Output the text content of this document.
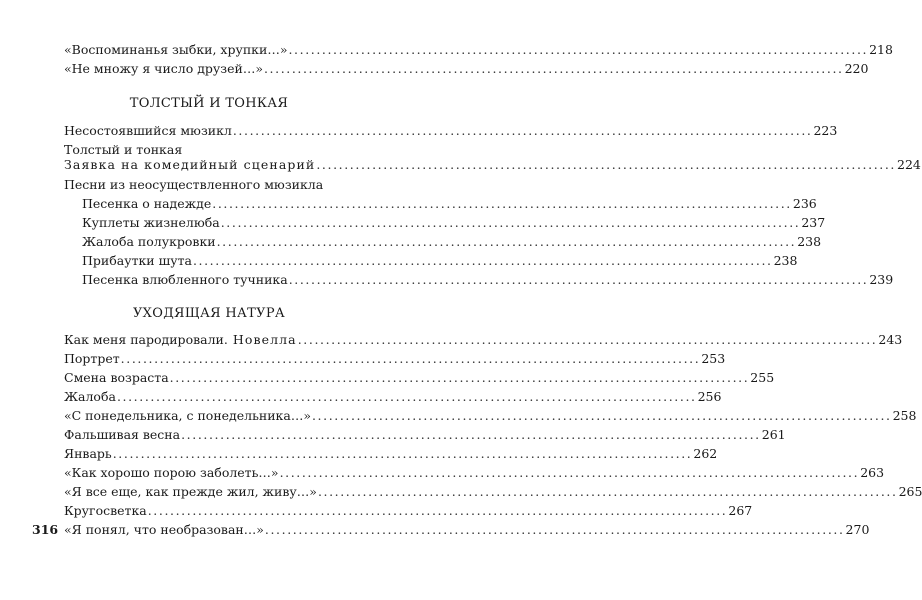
«Воспоминанья зыбки, хрупки…» ........................................................................................................ 218
«Не множу я число друзей…» ........................................................................................................ 220
ТОЛСТЫЙ И ТОНКАЯ
Несостоявшийся мюзикл ........................................................................................................ 223
Толстый и тонкая
Заявка на комедийный сценарий ........................................................................................................ 224
Песни из неосуществленного мюзикла
Песенка о надежде ........................................................................................................ 236
Куплеты жизнелюба ........................................................................................................ 237
Жалоба полукровки ........................................................................................................ 238
Прибаутки шута ........................................................................................................ 238
Песенка влюбленного тучника ........................................................................................................ 239
УХОДЯЩАЯ НАТУРА
Как меня пародировали. Новелла ........................................................................................................ 243
Портрет ........................................................................................................ 253
Смена возраста ........................................................................................................ 255
Жалоба ........................................................................................................ 256
«С понедельника, с понедельника…» ........................................................................................................ 258
Фальшивая весна ........................................................................................................ 261
Январь ........................................................................................................ 262
«Как хорошо порою заболеть…» ........................................................................................................ 263
«Я все еще, как прежде жил, живу…» ........................................................................................................ 265
Кругосветка ........................................................................................................ 267
«Я понял, что необразован…» ........................................................................................................ 270
316
